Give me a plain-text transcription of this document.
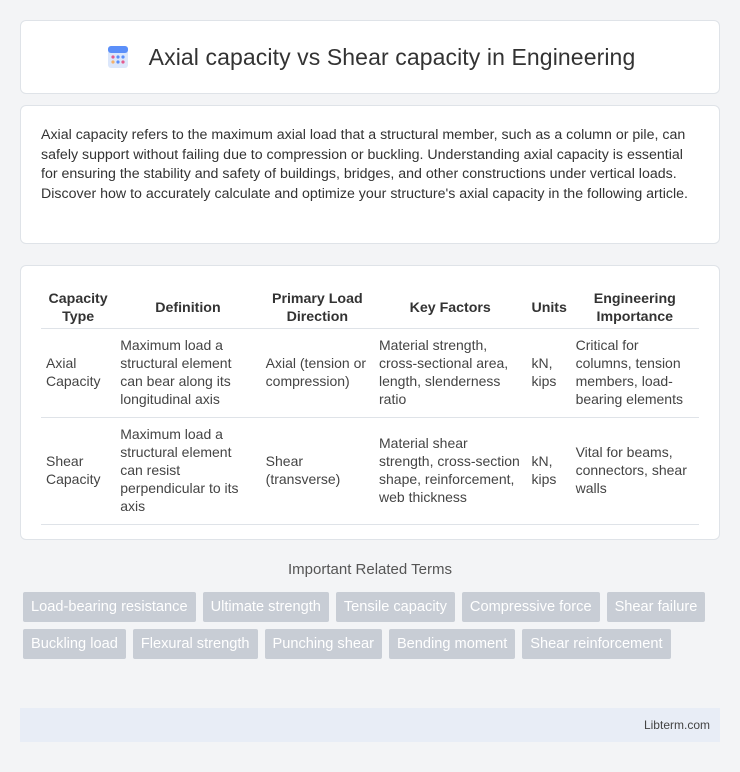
Axial capacity vs Shear capacity in Engineering

Axial capacity refers to the maximum axial load that a structural member, such as a column or pile, can safely support without failing due to compression or buckling. Understanding axial capacity is essential for ensuring the stability and safety of buildings, bridges, and other constructions under vertical loads. Discover how to accurately calculate and optimize your structure's axial capacity in the following article.

Capacity Type	Definition	Primary Load Direction	Key Factors	Units	Engineering Importance
Axial Capacity	Maximum load a structural element can bear along its longitudinal axis	Axial (tension or compression)	Material strength, cross-sectional area, length, slenderness ratio	kN, kips	Critical for columns, tension members, load-bearing elements
Shear Capacity	Maximum load a structural element can resist perpendicular to its axis	Shear (transverse)	Material shear strength, cross-section shape, reinforcement, web thickness	kN, kips	Vital for beams, connectors, shear walls
Important Related Terms
Load-bearing resistance	Ultimate strength	Tensile capacity	Compressive force	Shear failure
Buckling load	Flexural strength	Punching shear	Bending moment	Shear reinforcement
Libterm.com
